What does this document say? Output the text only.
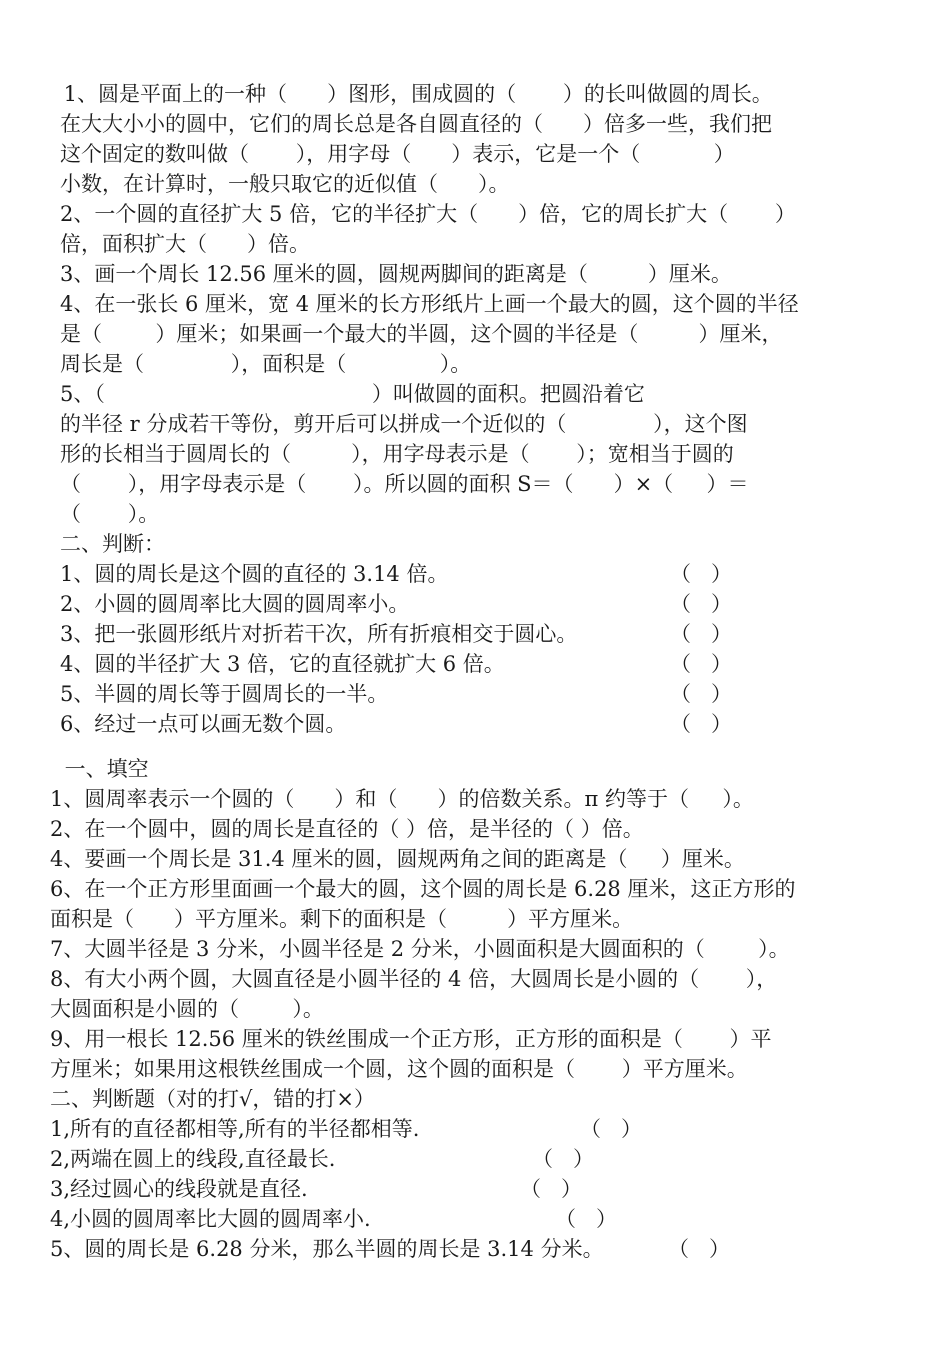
1、圆是平面上的一种（      ）图形，围成圆的（       ）的长叫做圆的周长。
在大大小小的圆中，它们的周长总是各自圆直径的（      ）倍多一些，我们把
这个固定的数叫做（       ），用字母（      ）表示，它是一个（           ）
小数，在计算时，一般只取它的近似值（      ）。
2、一个圆的直径扩大 5 倍，它的半径扩大（      ）倍，它的周长扩大（       ）
倍，面积扩大（      ）倍。
3、画一个周长 12.56 厘米的圆，圆规两脚间的距离是（         ）厘米。
4、在一张长 6 厘米，宽 4 厘米的长方形纸片上画一个最大的圆，这个圆的半径
是（        ）厘米；如果画一个最大的半圆，这个圆的半径是（         ）厘米，
周长是（             ），面积是（              ）。
5、（                                        ）叫做圆的面积。把圆沿着它
的半径 r 分成若干等份，剪开后可以拼成一个近似的（             ），这个图
形的长相当于圆周长的（         ），用字母表示是（       ）；宽相当于圆的
（       ），用字母表示是（       ）。所以圆的面积 S＝（      ）×（     ）＝
（       ）。
二、判断：
1、圆的周长是这个圆的直径的 3.14 倍。	（   ）
2、小圆的圆周率比大圆的圆周率小。	（   ）
3、把一张圆形纸片对折若干次，所有折痕相交于圆心。	（   ）
4、圆的半径扩大 3 倍，它的直径就扩大 6 倍。	（   ）
5、半圆的周长等于圆周长的一半。	（   ）
6、经过一点可以画无数个圆。	（   ）
一、填空
1、圆周率表示一个圆的（      ）和（      ）的倍数关系。π 约等于（     ）。
2、在一个圆中，圆的周长是直径的（ ）倍，是半径的（ ）倍。
4、要画一个周长是 31.4 厘米的圆，圆规两角之间的距离是（     ）厘米。
6、在一个正方形里面画一个最大的圆，这个圆的周长是 6.28 厘米，这正方形的
面积是（      ）平方厘米。剩下的面积是（         ）平方厘米。
7、大圆半径是 3 分米，小圆半径是 2 分米，小圆面积是大圆面积的（        ）。
8、有大小两个圆，大圆直径是小圆半径的 4 倍，大圆周长是小圆的（       ），
大圆面积是小圆的（        ）。
9、用一根长 12.56 厘米的铁丝围成一个正方形，正方形的面积是（       ）平
方厘米；如果用这根铁丝围成一个圆，这个圆的面积是（       ）平方厘米。
二、判断题（对的打√，错的打×）
1,所有的直径都相等,所有的半径都相等.	（   ）
2,两端在圆上的线段,直径最长.	（   ）
3,经过圆心的线段就是直径.	（   ）
4,小圆的圆周率比大圆的圆周率小.	（   ）
5、圆的周长是 6.28 分米，那么半圆的周长是 3.14 分米。	（   ）
